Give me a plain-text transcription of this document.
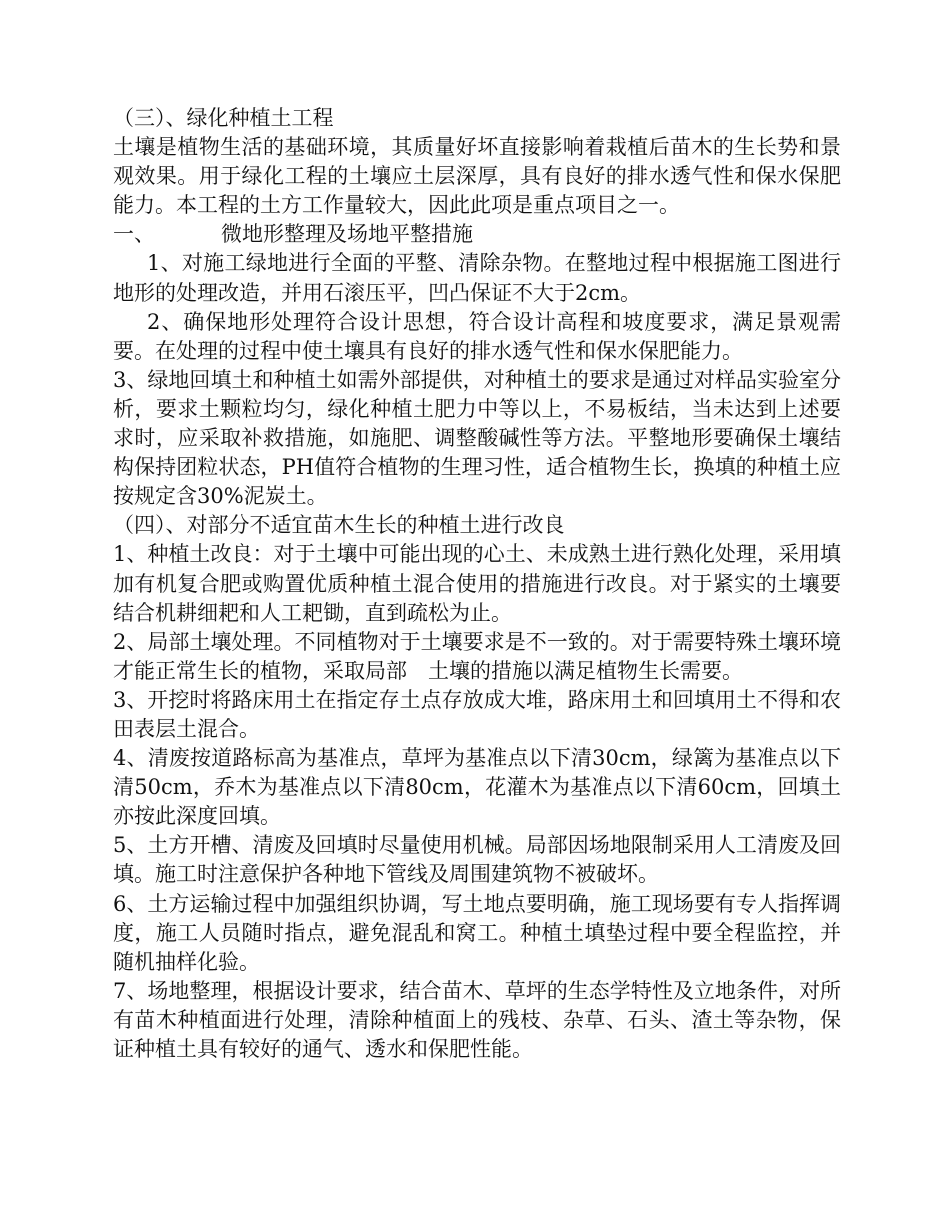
（三）、绿化种植土工程

土壤是植物生活的基础环境，其质量好坏直接影响着栽植后苗木的生长势和景观效果。用于绿化工程的土壤应土层深厚，具有良好的排水透气性和保水保肥能力。本工程的土方工作量较大，因此此项是重点项目之一。

一、	微地形整理及场地平整措施

1、对施工绿地进行全面的平整、清除杂物。在整地过程中根据施工图进行地形的处理改造，并用石滚压平，凹凸保证不大于2cm。

2、确保地形处理符合设计思想，符合设计高程和坡度要求，满足景观需要。在处理的过程中使土壤具有良好的排水透气性和保水保肥能力。

3、绿地回填土和种植土如需外部提供，对种植土的要求是通过对样品实验室分析，要求土颗粒均匀，绿化种植土肥力中等以上，不易板结，当未达到上述要求时，应采取补救措施，如施肥、调整酸碱性等方法。平整地形要确保土壤结构保持团粒状态，PH值符合植物的生理习性，适合植物生长，换填的种植土应按规定含30%泥炭土。

（四）、对部分不适宜苗木生长的种植土进行改良

1、种植土改良：对于土壤中可能出现的心土、未成熟土进行熟化处理，采用填加有机复合肥或购置优质种植土混合使用的措施进行改良。对于紧实的土壤要结合机耕细耙和人工耙锄，直到疏松为止。

2、局部土壤处理。不同植物对于土壤要求是不一致的。对于需要特殊土壤环境才能正常生长的植物，采取局部　土壤的措施以满足植物生长需要。

3、开挖时将路床用土在指定存土点存放成大堆，路床用土和回填用土不得和农田表层土混合。

4、清废按道路标高为基准点，草坪为基准点以下清30cm，绿篱为基准点以下清50cm，乔木为基准点以下清80cm，花灌木为基准点以下清60cm，回填土亦按此深度回填。

5、土方开槽、清废及回填时尽量使用机械。局部因场地限制采用人工清废及回填。施工时注意保护各种地下管线及周围建筑物不被破坏。

6、土方运输过程中加强组织协调，写土地点要明确，施工现场要有专人指挥调度，施工人员随时指点，避免混乱和窝工。种植土填垫过程中要全程监控，并随机抽样化验。

7、场地整理，根据设计要求，结合苗木、草坪的生态学特性及立地条件，对所有苗木种植面进行处理，清除种植面上的残枝、杂草、石头、渣土等杂物，保证种植土具有较好的通气、透水和保肥性能。
